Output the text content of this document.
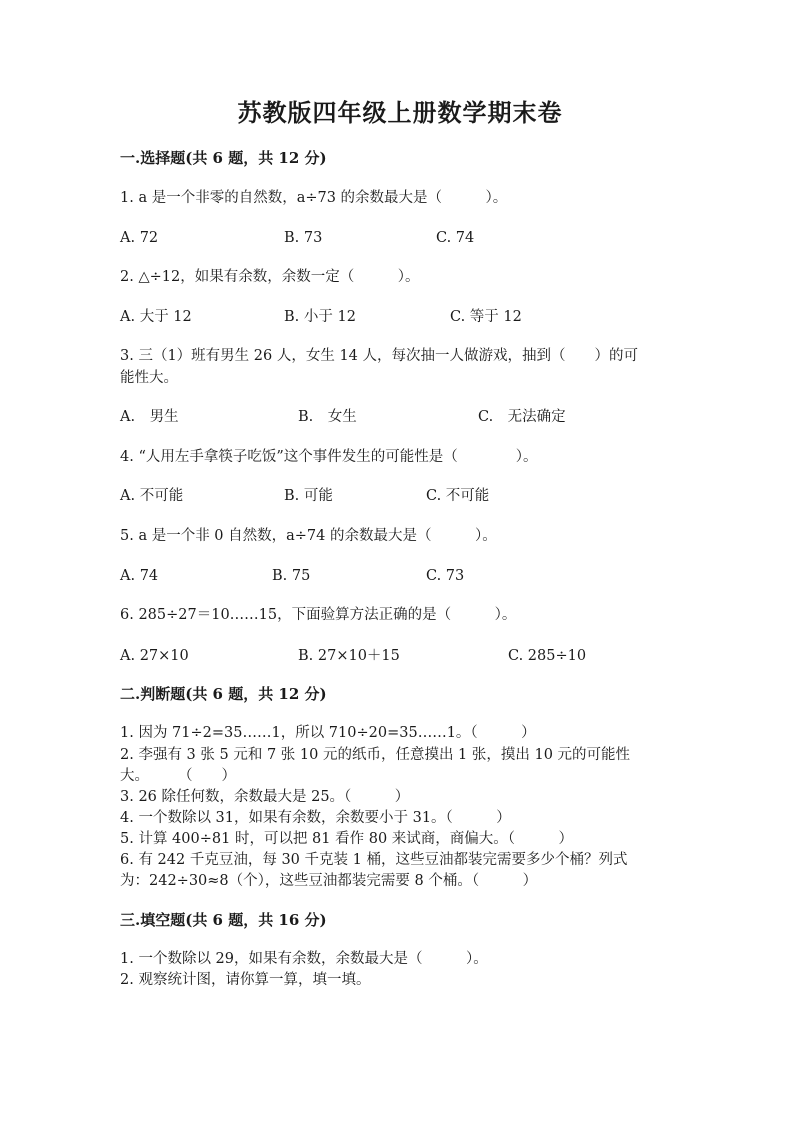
苏教版四年级上册数学期末卷
一.选择题(共 6 题，共 12 分)
1. a 是一个非零的自然数，a÷73 的余数最大是（　　　）。
A. 72	B. 73	C. 74
2. △÷12，如果有余数，余数一定（　　　）。
A. 大于 12	B. 小于 12	C. 等于 12
3. 三（1）班有男生 26 人，女生 14 人，每次抽一人做游戏，抽到（　　）的可
能性大。
A.　男生	B.　女生	C.　无法确定
4. “人用左手拿筷子吃饭”这个事件发生的可能性是（　　　　）。
A. 不可能	B. 可能	C. 不可能
5. a 是一个非 0 自然数，a÷74 的余数最大是（　　　）。
A. 74	B. 75	C. 73
6. 285÷27＝10……15，下面验算方法正确的是（　　　）。
A. 27×10	B. 27×10＋15	C. 285÷10
二.判断题(共 6 题，共 12 分)
1. 因为 71÷2=35……1，所以 710÷20=35……1。（　　　）
2. 李强有 3 张 5 元和 7 张 10 元的纸币，任意摸出 1 张，摸出 10 元的可能性
大。　　　（　　）
3. 26 除任何数，余数最大是 25。（　　　）
4. 一个数除以 31，如果有余数，余数要小于 31。（　　　）
5. 计算 400÷81 时，可以把 81 看作 80 来试商，商偏大。（　　　）
6. 有 242 千克豆油，每 30 千克装 1 桶，这些豆油都装完需要多少个桶？列式
为：242÷30≈8（个），这些豆油都装完需要 8 个桶。（　　　）
三.填空题(共 6 题，共 16 分)
1. 一个数除以 29，如果有余数，余数最大是（　　　）。
2. 观察统计图，请你算一算，填一填。
